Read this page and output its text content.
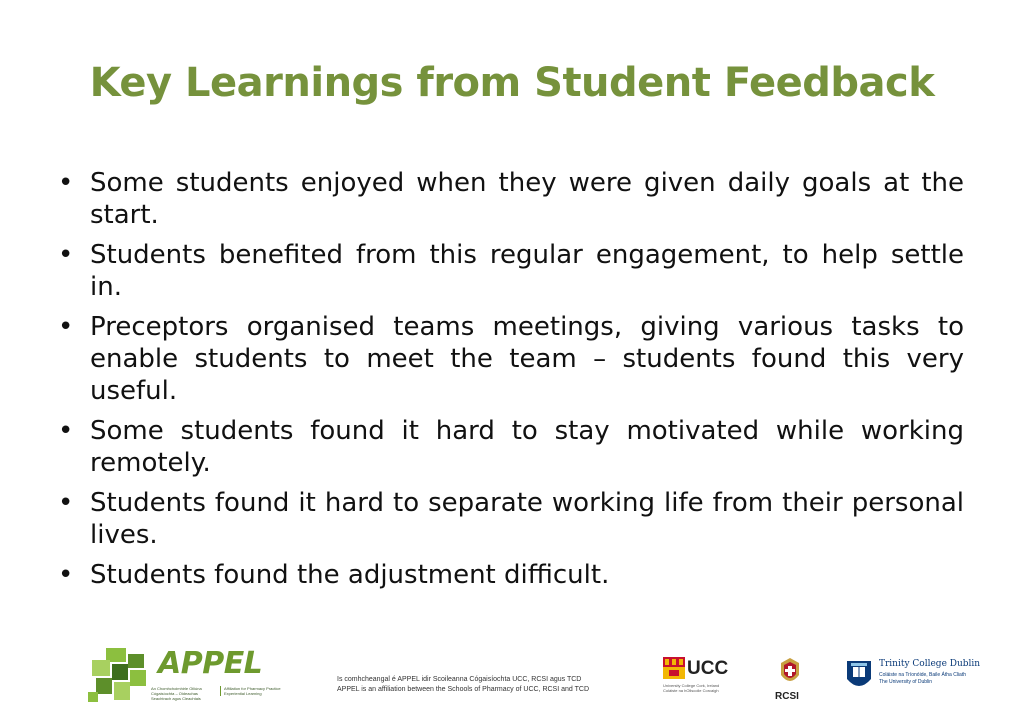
Key Learnings from Student Feedback
• Some students enjoyed when they were given daily goals at the start.
• Students benefited from this regular engagement, to help settle in.
• Preceptors organised teams meetings, giving various tasks to enable students to meet the team – students found this very useful.
• Some students found it hard to stay motivated while working remotely.
• Students found it hard to separate working life from their personal lives.
• Students found the adjustment difficult.
APPEL
An Chomhchoimhirle Oiliúna Cógaisíochta – Oideachas Seachtrach agus Cleachtais
Affiliation for Pharmacy Practice Experiential Learning
Is comhcheangal é APPEL idir Scoileanna Cógaisíochta UCC, RCSI agus TCD
APPEL is an affiliation between the Schools of Pharmacy of UCC, RCSI and TCD
UCC
University College Cork, Ireland
Coláiste na hOllscoile Corcaigh
RCSI
Trinity College Dublin
Coláiste na Tríonóide, Baile Átha Cliath
The University of Dublin
